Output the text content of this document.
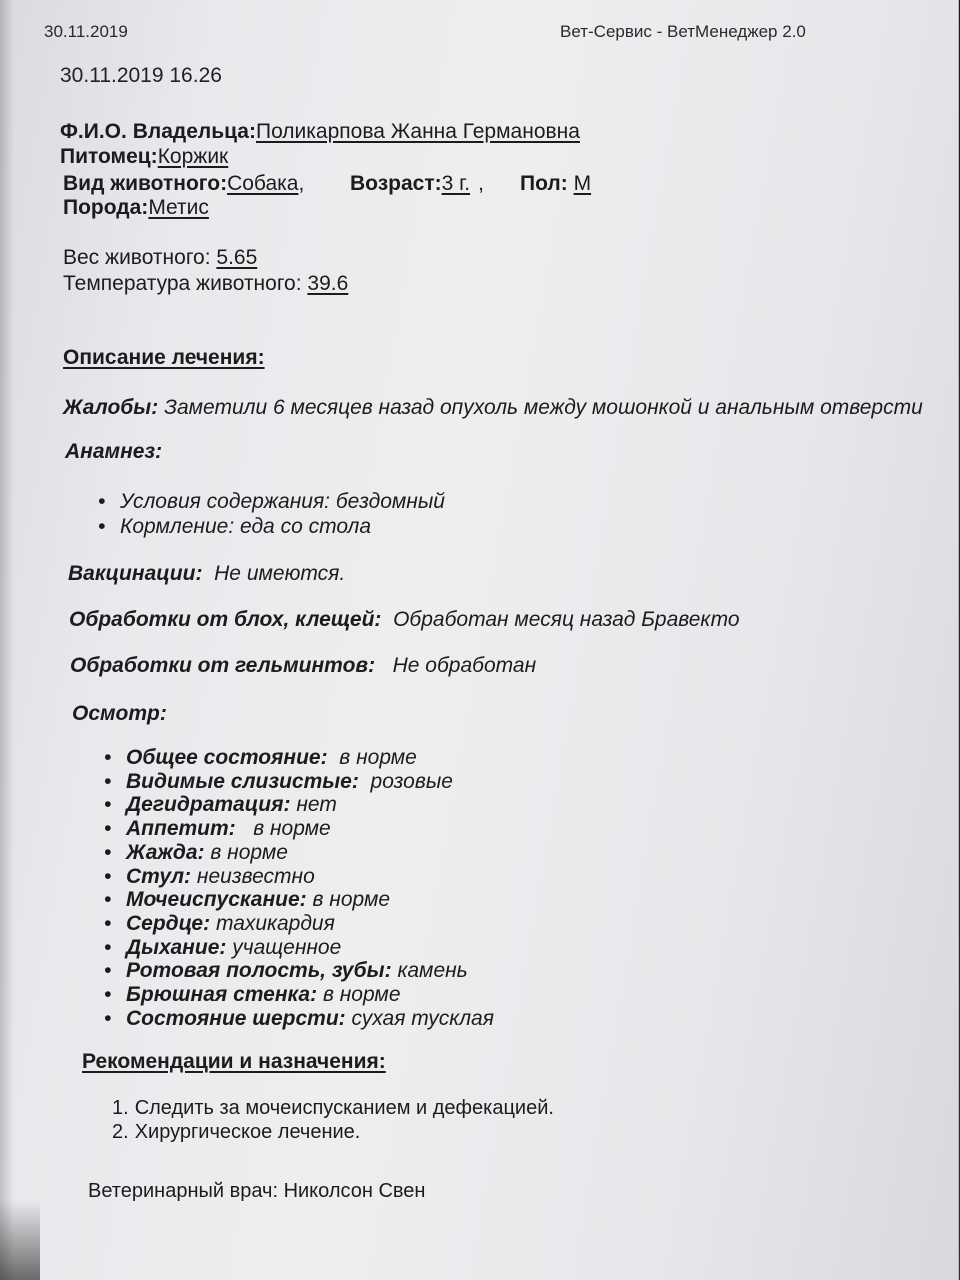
30.11.2019	Вет-Сервис - ВетМенеджер 2.0
30.11.2019 16.26
Ф.И.О. Владельца:Поликарпова Жанна Германовна
Питомец:Коржик
Вид животного:Собака, Возраст:3 г. , Пол: М
Порода:Метис
Вес животного: 5.65
Температура животного: 39.6
Описание лечения:
Жалобы: Заметили 6 месяцев назад опухоль между мошонкой и анальным отверсти
Анамнез:
• Условия содержания: бездомный
• Кормление: еда со стола
Вакцинации: Не имеются.
Обработки от блох, клещей: Обработан месяц назад Бравекто
Обработки от гельминтов: Не обработан
Осмотр:
• Общее состояние: в норме
• Видимые слизистые: розовые
• Дегидратация: нет
• Аппетит: в норме
• Жажда: в норме
• Стул: неизвестно
• Мочеиспускание: в норме
• Сердце: тахикардия
• Дыхание: учащенное
• Ротовая полость, зубы: камень
• Брюшная стенка: в норме
• Состояние шерсти: сухая тусклая
Рекомендации и назначения:
1. Следить за мочеиспусканием и дефекацией.
2. Хирургическое лечение.
Ветеринарный врач: Николсон Свен
